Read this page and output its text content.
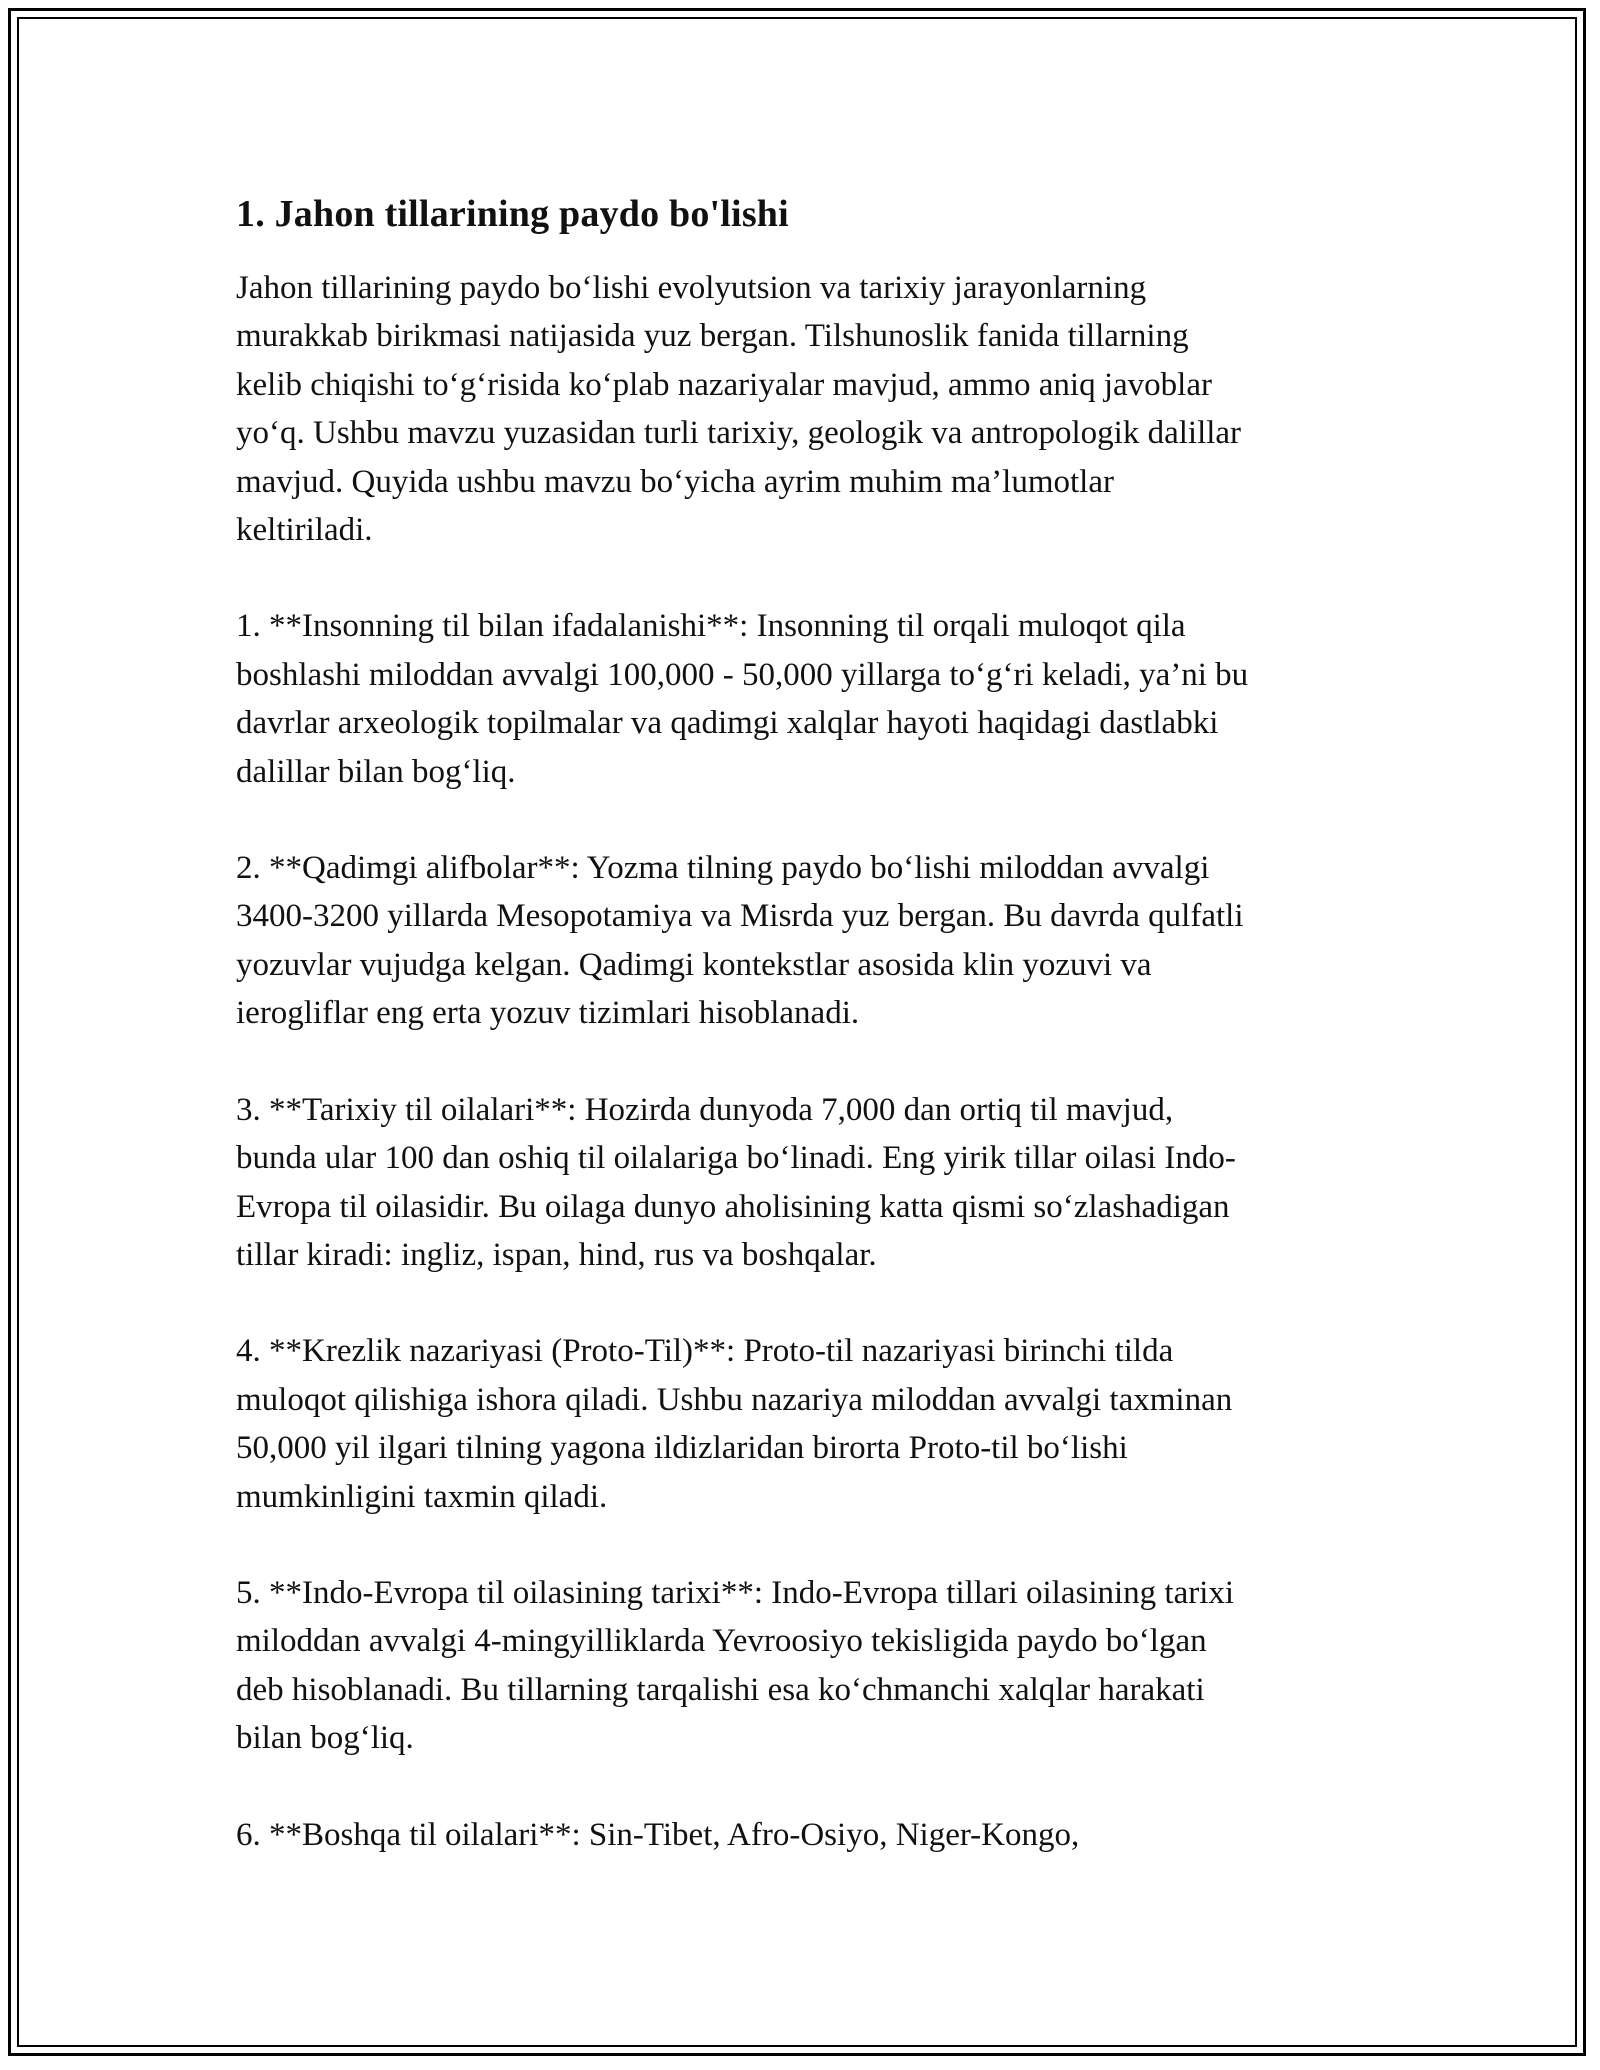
1. Jahon tillarining paydo bo'lishi

Jahon tillarining paydo bo‘lishi evolyutsion va tarixiy jarayonlarning
murakkab birikmasi natijasida yuz bergan. Tilshunoslik fanida tillarning
kelib chiqishi to‘g‘risida ko‘plab nazariyalar mavjud, ammo aniq javoblar
yo‘q. Ushbu mavzu yuzasidan turli tarixiy, geologik va antropologik dalillar
mavjud. Quyida ushbu mavzu bo‘yicha ayrim muhim ma’lumotlar
keltiriladi.

1. **Insonning til bilan ifadalanishi**: Insonning til orqali muloqot qila
boshlashi miloddan avvalgi 100,000 - 50,000 yillarga to‘g‘ri keladi, ya’ni bu
davrlar arxeologik topilmalar va qadimgi xalqlar hayoti haqidagi dastlabki
dalillar bilan bog‘liq.

2. **Qadimgi alifbolar**: Yozma tilning paydo bo‘lishi miloddan avvalgi
3400-3200 yillarda Mesopotamiya va Misrda yuz bergan. Bu davrda qulfatli
yozuvlar vujudga kelgan. Qadimgi kontekstlar asosida klin yozuvi va
ierogliflar eng erta yozuv tizimlari hisoblanadi.

3. **Tarixiy til oilalari**: Hozirda dunyoda 7,000 dan ortiq til mavjud,
bunda ular 100 dan oshiq til oilalariga bo‘linadi. Eng yirik tillar oilasi Indo-
Evropa til oilasidir. Bu oilaga dunyo aholisining katta qismi so‘zlashadigan
tillar kiradi: ingliz, ispan, hind, rus va boshqalar.

4. **Krezlik nazariyasi (Proto-Til)**: Proto-til nazariyasi birinchi tilda
muloqot qilishiga ishora qiladi. Ushbu nazariya miloddan avvalgi taxminan
50,000 yil ilgari tilning yagona ildizlaridan birorta Proto-til bo‘lishi
mumkinligini taxmin qiladi.

5. **Indo-Evropa til oilasining tarixi**: Indo-Evropa tillari oilasining tarixi
miloddan avvalgi 4-mingyilliklarda Yevroosiyo tekisligida paydo bo‘lgan
deb hisoblanadi. Bu tillarning tarqalishi esa ko‘chmanchi xalqlar harakati
bilan bog‘liq.

6. **Boshqa til oilalari**: Sin-Tibet, Afro-Osiyo, Niger-Kongo,
